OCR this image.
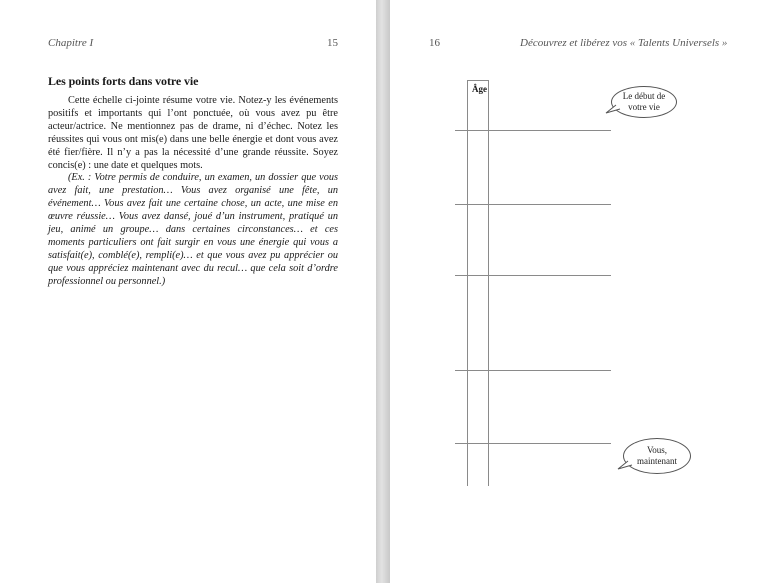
Chapitre I	15
Les points forts dans votre vie

Cette échelle ci-jointe résume votre vie. Notez-y les événements positifs et importants qui l’ont ponctuée, où vous avez pu être acteur/actrice. Ne mentionnez pas de drame, ni d’échec. Notez les réussites qui vous ont mis(e) dans une belle énergie et dont vous avez été fier/fière. Il n’y a pas la nécessité d’une grande réussite. Soyez concis(e) : une date et quelques mots.

(Ex. : Votre permis de conduire, un examen, un dossier que vous avez fait, une prestation… Vous avez organisé une fête, un événement… Vous avez fait une certaine chose, un acte, une mise en œuvre réussie… Vous avez dansé, joué d’un instrument, pratiqué un jeu, animé un groupe… dans certaines circonstances… et ces moments particuliers ont fait surgir en vous une énergie qui vous a satisfait(e), comblé(e), rempli(e)… et que vous avez pu apprécier ou que vous appréciez maintenant avec du recul… que cela soit d’ordre professionnel ou personnel.)

16	Découvrez et libérez vos « Talents Universels »
Âge
Le début de votre vie
Vous, maintenant
